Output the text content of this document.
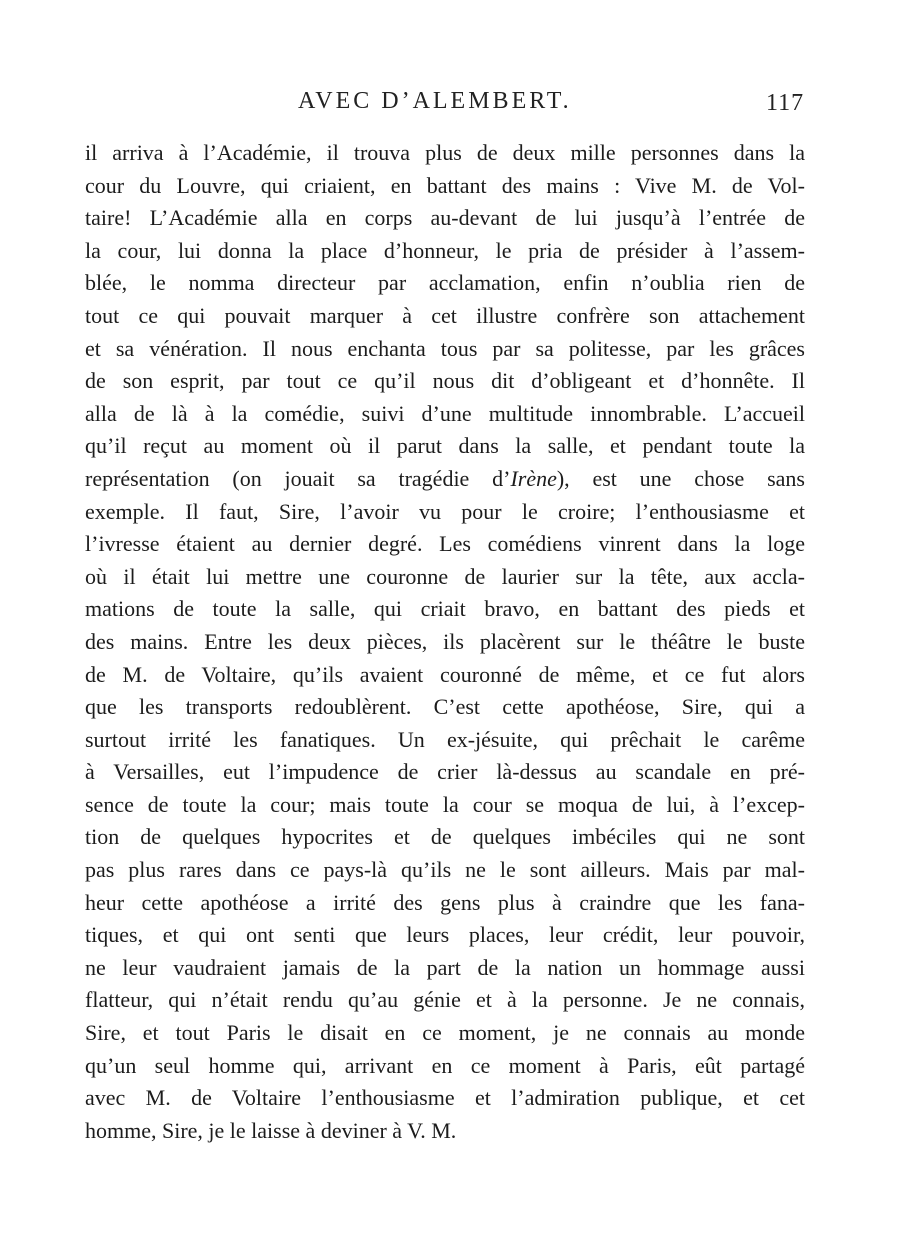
AVEC D’ALEMBERT.	117
il arriva à l’Académie, il trouva plus de deux mille personnes dans la
cour du Louvre, qui criaient, en battant des mains : Vive M. de Vol-
taire! L’Académie alla en corps au-devant de lui jusqu’à l’entrée de
la cour, lui donna la place d’honneur, le pria de présider à l’assem-
blée, le nomma directeur par acclamation, enfin n’oublia rien de
tout ce qui pouvait marquer à cet illustre confrère son attachement
et sa vénération. Il nous enchanta tous par sa politesse, par les grâces
de son esprit, par tout ce qu’il nous dit d’obligeant et d’honnête. Il
alla de là à la comédie, suivi d’une multitude innombrable. L’accueil
qu’il reçut au moment où il parut dans la salle, et pendant toute la
représentation (on jouait sa tragédie d’Irène), est une chose sans
exemple. Il faut, Sire, l’avoir vu pour le croire; l’enthousiasme et
l’ivresse étaient au dernier degré. Les comédiens vinrent dans la loge
où il était lui mettre une couronne de laurier sur la tête, aux accla-
mations de toute la salle, qui criait bravo, en battant des pieds et
des mains. Entre les deux pièces, ils placèrent sur le théâtre le buste
de M. de Voltaire, qu’ils avaient couronné de même, et ce fut alors
que les transports redoublèrent. C’est cette apothéose, Sire, qui a
surtout irrité les fanatiques. Un ex-jésuite, qui prêchait le carême
à Versailles, eut l’impudence de crier là-dessus au scandale en pré-
sence de toute la cour; mais toute la cour se moqua de lui, à l’excep-
tion de quelques hypocrites et de quelques imbéciles qui ne sont
pas plus rares dans ce pays-là qu’ils ne le sont ailleurs. Mais par mal-
heur cette apothéose a irrité des gens plus à craindre que les fana-
tiques, et qui ont senti que leurs places, leur crédit, leur pouvoir,
ne leur vaudraient jamais de la part de la nation un hommage aussi
flatteur, qui n’était rendu qu’au génie et à la personne. Je ne connais,
Sire, et tout Paris le disait en ce moment, je ne connais au monde
qu’un seul homme qui, arrivant en ce moment à Paris, eût partagé
avec M. de Voltaire l’enthousiasme et l’admiration publique, et cet
homme, Sire, je le laisse à deviner à V. M.
